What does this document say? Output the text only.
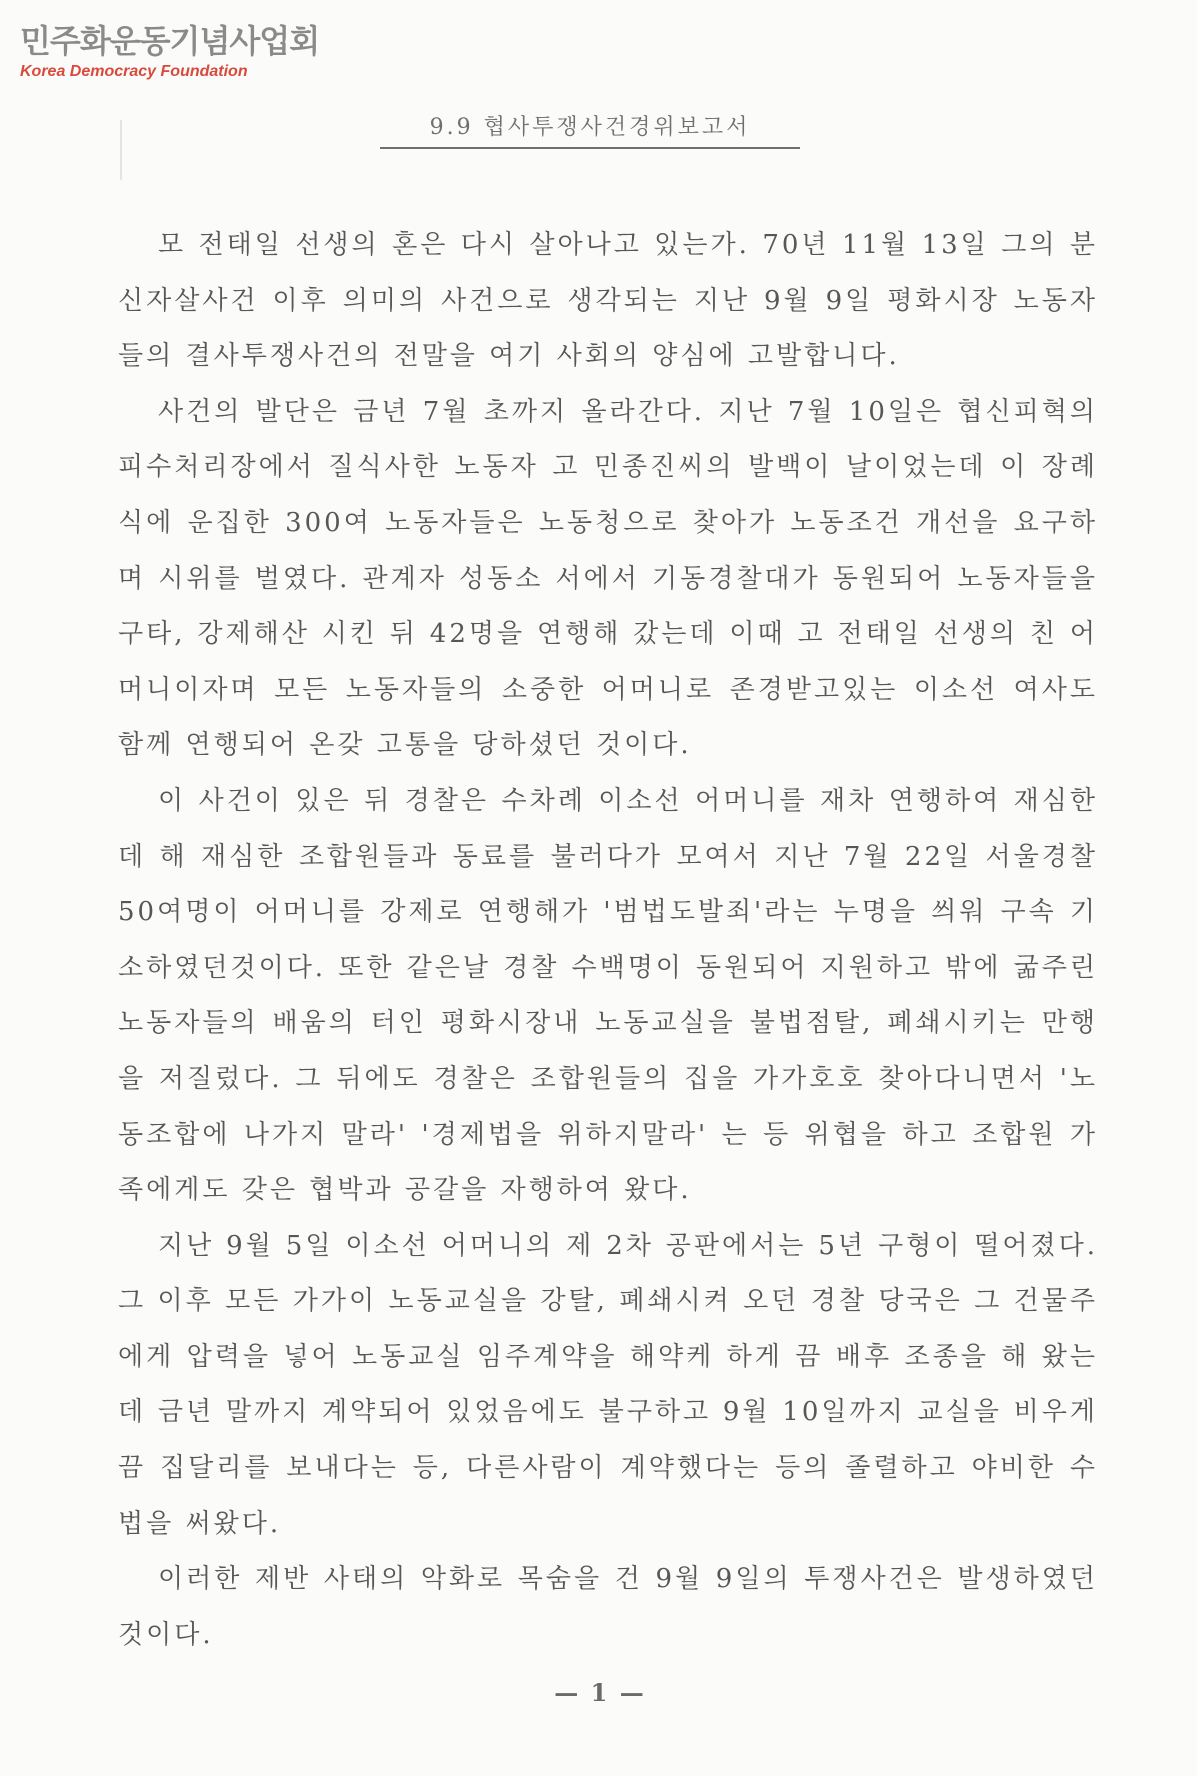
민주화운동기념사업회
Korea Democracy Foundation
9.9 협사투쟁사건경위보고서

모 전태일 선생의 혼은 다시 살아나고 있는가. 70년 11월 13일 그의 분신자살사건 이후 의미의 사건으로 생각되는 지난 9월 9일 평화시장 노동자들의 결사투쟁사건의 전말을 여기 사회의 양심에 고발합니다.

사건의 발단은 금년 7월 초까지 올라간다. 지난 7월 10일은 협신피혁의 피수처리장에서 질식사한 노동자 고 민종진씨의 발백이 날이었는데 이 장례식에 운집한 300여 노동자들은 노동청으로 찾아가 노동조건 개선을 요구하며 시위를 벌였다. 관계자 성동소 서에서 기동경찰대가 동원되어 노동자들을 구타, 강제해산 시킨 뒤 42명을 연행해 갔는데 이때 고 전태일 선생의 친 어머니이자며 모든 노동자들의 소중한 어머니로 존경받고있는 이소선 여사도 함께 연행되어 온갖 고통을 당하셨던 것이다.

이 사건이 있은 뒤 경찰은 수차례 이소선 어머니를 재차 연행하여 재심한데 해 재심한 조합원들과 동료를 불러다가 모여서 지난 7월 22일 서울경찰 50여명이 어머니를 강제로 연행해가 '범법도발죄'라는 누명을 씌워 구속 기소하였던것이다. 또한 같은날 경찰 수백명이 동원되어 지원하고 밖에 굶주린 노동자들의 배움의 터인 평화시장내 노동교실을 불법점탈, 폐쇄시키는 만행을 저질렀다. 그 뒤에도 경찰은 조합원들의 집을 가가호호 찾아다니면서 '노동조합에 나가지 말라' '경제법을 위하지말라' 는 등 위협을 하고 조합원 가족에게도 갖은 협박과 공갈을 자행하여 왔다.

지난 9월 5일 이소선 어머니의 제 2차 공판에서는 5년 구형이 떨어졌다. 그 이후 모든 가가이 노동교실을 강탈, 폐쇄시켜 오던 경찰 당국은 그 건물주에게 압력을 넣어 노동교실 임주계약을 해약케 하게 끔 배후 조종을 해 왔는데 금년 말까지 계약되어 있었음에도 불구하고 9월 10일까지 교실을 비우게 끔 집달리를 보내다는 등, 다른사람이 계약했다는 등의 졸렬하고 야비한 수법을 써왔다.

이러한 제반 사태의 악화로 목숨을 건 9월 9일의 투쟁사건은 발생하였던 것이다.

— 1 —
